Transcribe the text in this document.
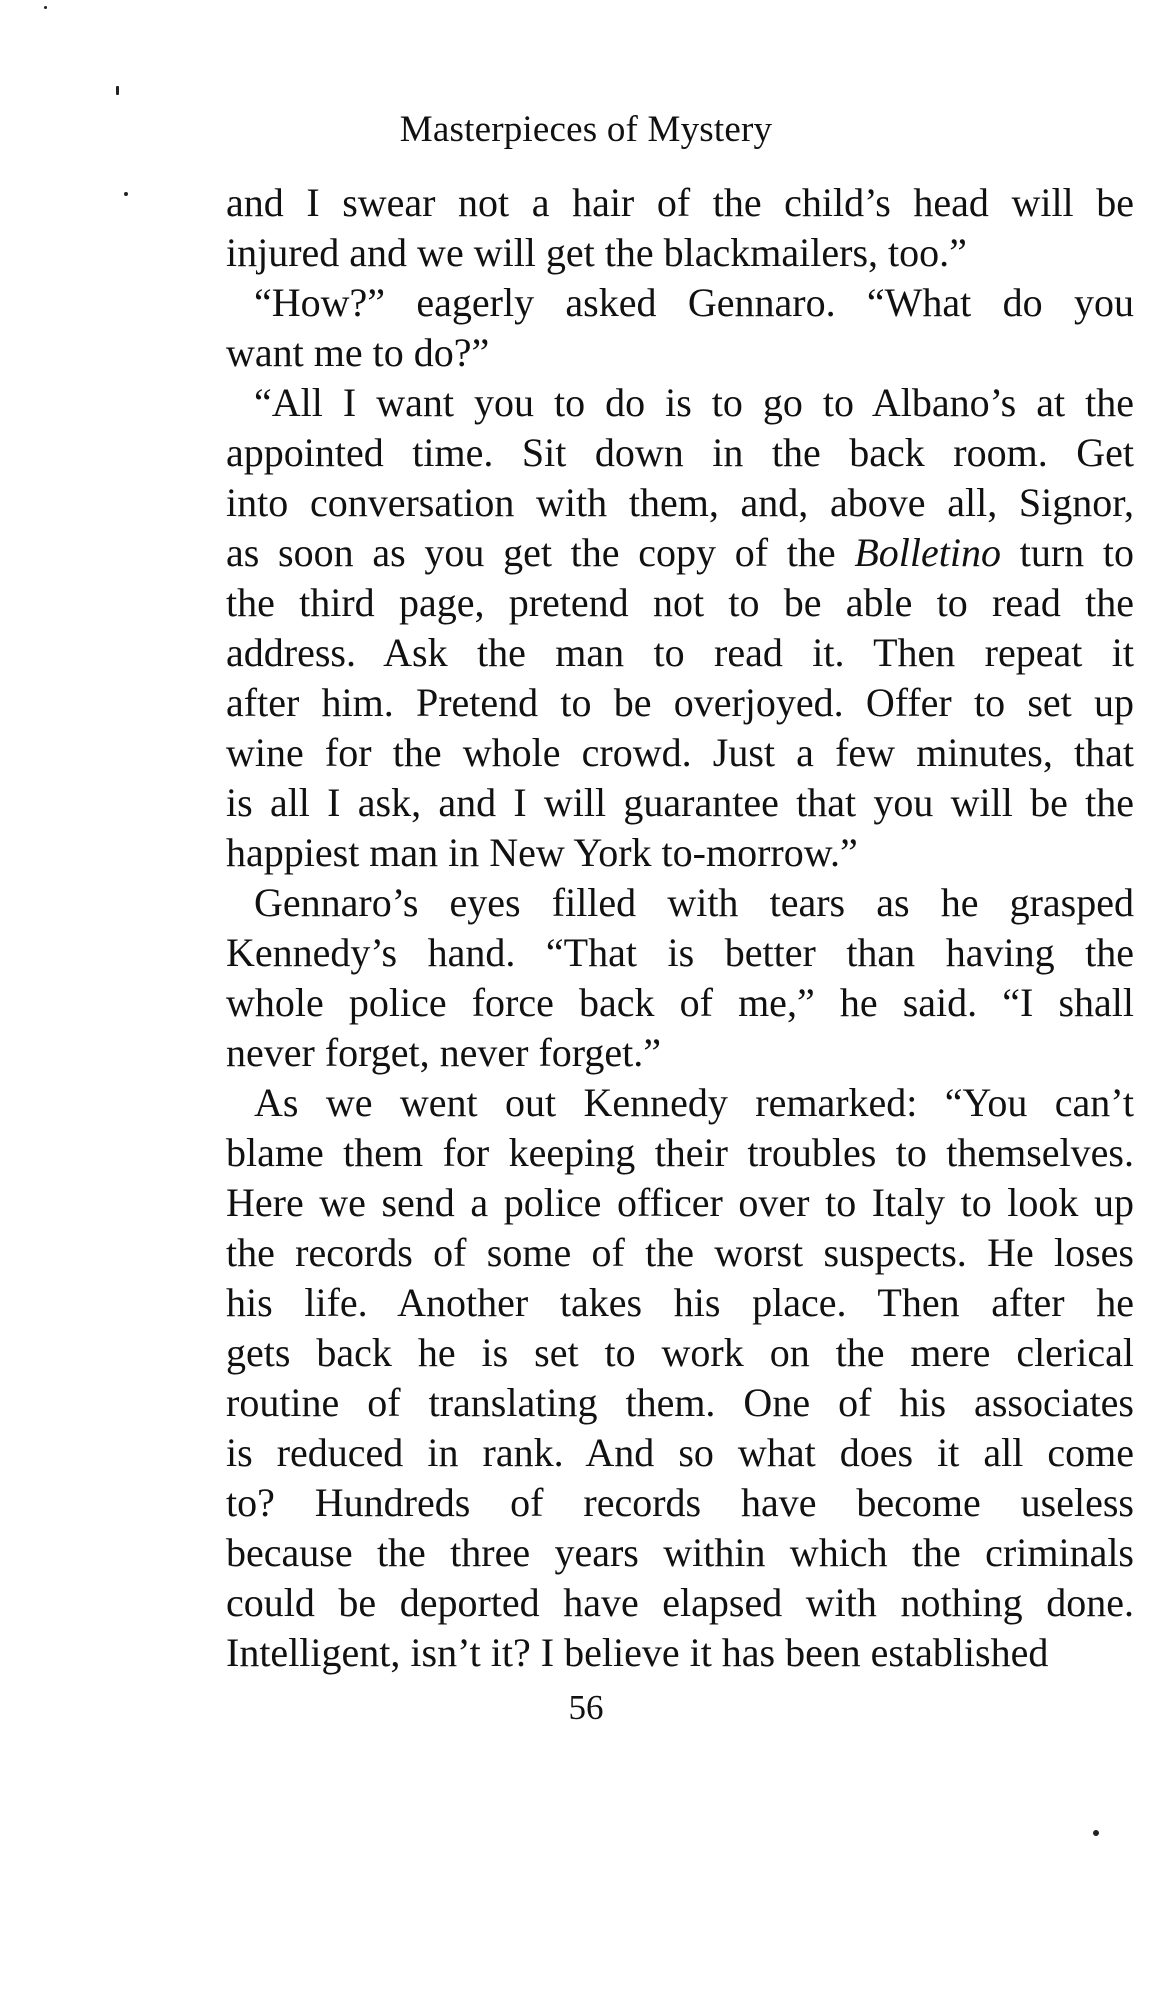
Masterpieces of Mystery
and I swear not a hair of the child’s head will be
injured and we will get the blackmailers, too.”
“How?” eagerly asked Gennaro. “What do you
want me to do?”
“All I want you to do is to go to Albano’s at the
appointed time. Sit down in the back room. Get
into conversation with them, and, above all, Signor,
as soon as you get the copy of the Bolletino turn to
the third page, pretend not to be able to read the
address. Ask the man to read it. Then repeat it
after him. Pretend to be overjoyed. Offer to set up
wine for the whole crowd. Just a few minutes, that
is all I ask, and I will guarantee that you will be the
happiest man in New York to-morrow.”
Gennaro’s eyes filled with tears as he grasped
Kennedy’s hand. “That is better than having the
whole police force back of me,” he said. “I shall
never forget, never forget.”
As we went out Kennedy remarked: “You can’t
blame them for keeping their troubles to themselves.
Here we send a police officer over to Italy to look up
the records of some of the worst suspects. He loses
his life. Another takes his place. Then after he
gets back he is set to work on the mere clerical
routine of translating them. One of his associates
is reduced in rank. And so what does it all come
to? Hundreds of records have become useless
because the three years within which the criminals
could be deported have elapsed with nothing done.
Intelligent, isn’t it? I believe it has been established
56
